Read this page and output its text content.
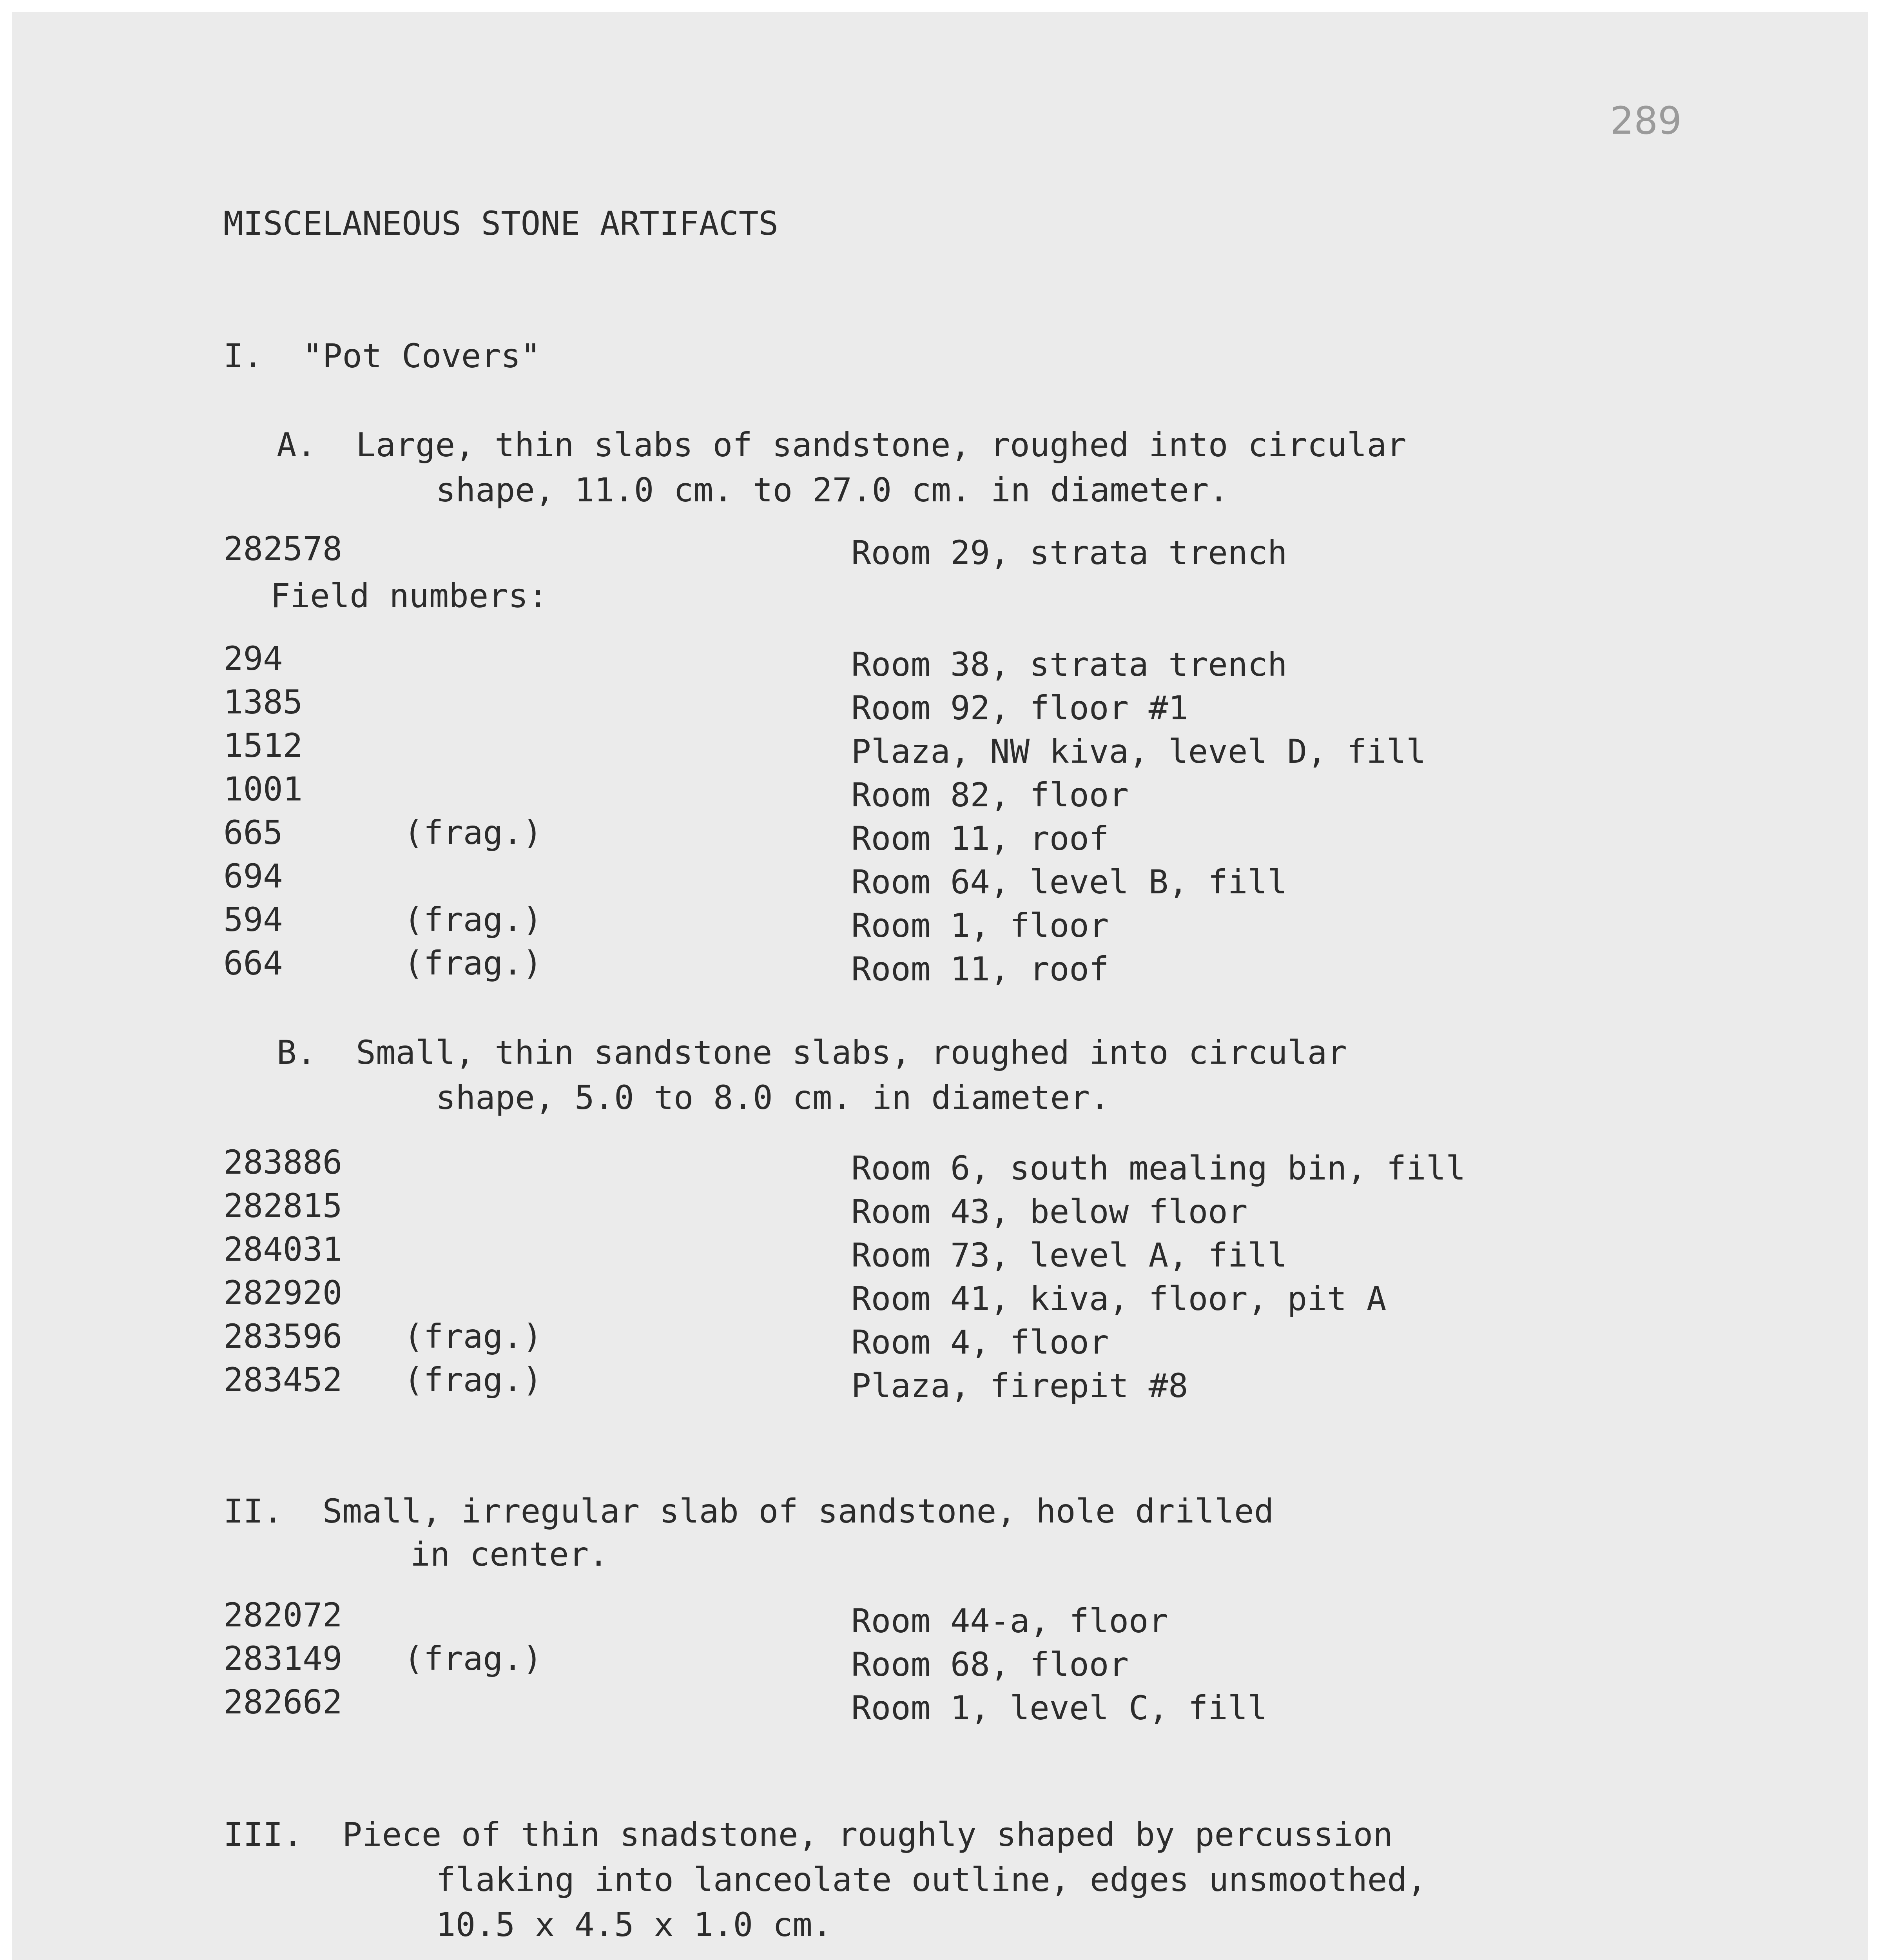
289
MISCELANEOUS STONE ARTIFACTS
I.  "Pot Covers"
A.  Large, thin slabs of sandstone, roughed into circular
shape, 11.0 cm. to 27.0 cm. in diameter.
282578	Room 29, strata trench
Field numbers:
294	Room 38, strata trench
1385	Room 92, floor #1
1512	Plaza, NW kiva, level D, fill
1001	Room 82, floor
665	(frag.)	Room 11, roof
694	Room 64, level B, fill
594	(frag.)	Room 1, floor
664	(frag.)	Room 11, roof
B.  Small, thin sandstone slabs, roughed into circular
shape, 5.0 to 8.0 cm. in diameter.
283886	Room 6, south mealing bin, fill
282815	Room 43, below floor
284031	Room 73, level A, fill
282920	Room 41, kiva, floor, pit A
283596 (frag.)	Room 4, floor
283452 (frag.)	Plaza, firepit #8
II.  Small, irregular slab of sandstone, hole drilled
in center.
282072	Room 44-a, floor
283149 (frag.)	Room 68, floor
282662	Room 1, level C, fill
III.  Piece of thin snadstone, roughly shaped by percussion
flaking into lanceolate outline, edges unsmoothed,
10.5 x 4.5 x 1.0 cm.
